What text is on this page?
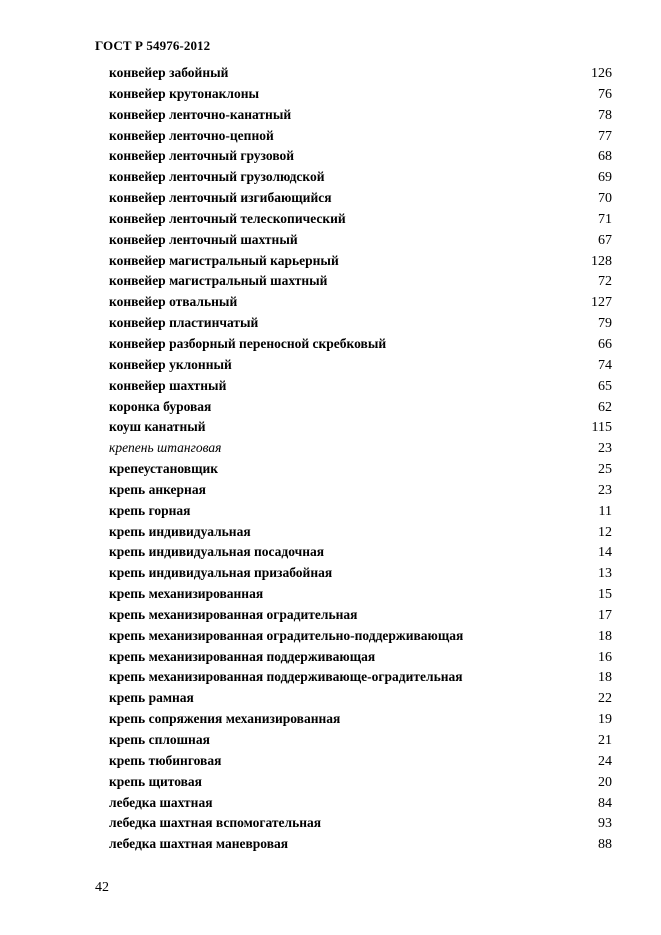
ГОСТ Р 54976-2012
конвейер забойный	126
конвейер крутонаклоны	76
конвейер ленточно-канатный	78
конвейер ленточно-цепной	77
конвейер ленточный грузовой	68
конвейер ленточный грузолюдской	69
конвейер ленточный изгибающийся	70
конвейер ленточный телескопический	71
конвейер ленточный шахтный	67
конвейер магистральный карьерный	128
конвейер магистральный шахтный	72
конвейер отвальный	127
конвейер пластинчатый	79
конвейер разборный переносной скребковый	66
конвейер уклонный	74
конвейер шахтный	65
коронка буровая	62
коуш канатный	115
крепень штанговая	23
крепеустановщик	25
крепь анкерная	23
крепь горная	11
крепь индивидуальная	12
крепь индивидуальная посадочная	14
крепь индивидуальная призабойная	13
крепь механизированная	15
крепь механизированная оградительная	17
крепь механизированная оградительно-поддерживающая	18
крепь механизированная поддерживающая	16
крепь механизированная поддерживающе-оградительная	18
крепь рамная	22
крепь сопряжения механизированная	19
крепь сплошная	21
крепь тюбинговая	24
крепь щитовая	20
лебедка шахтная	84
лебедка шахтная вспомогательная	93
лебедка шахтная маневровая	88
42
